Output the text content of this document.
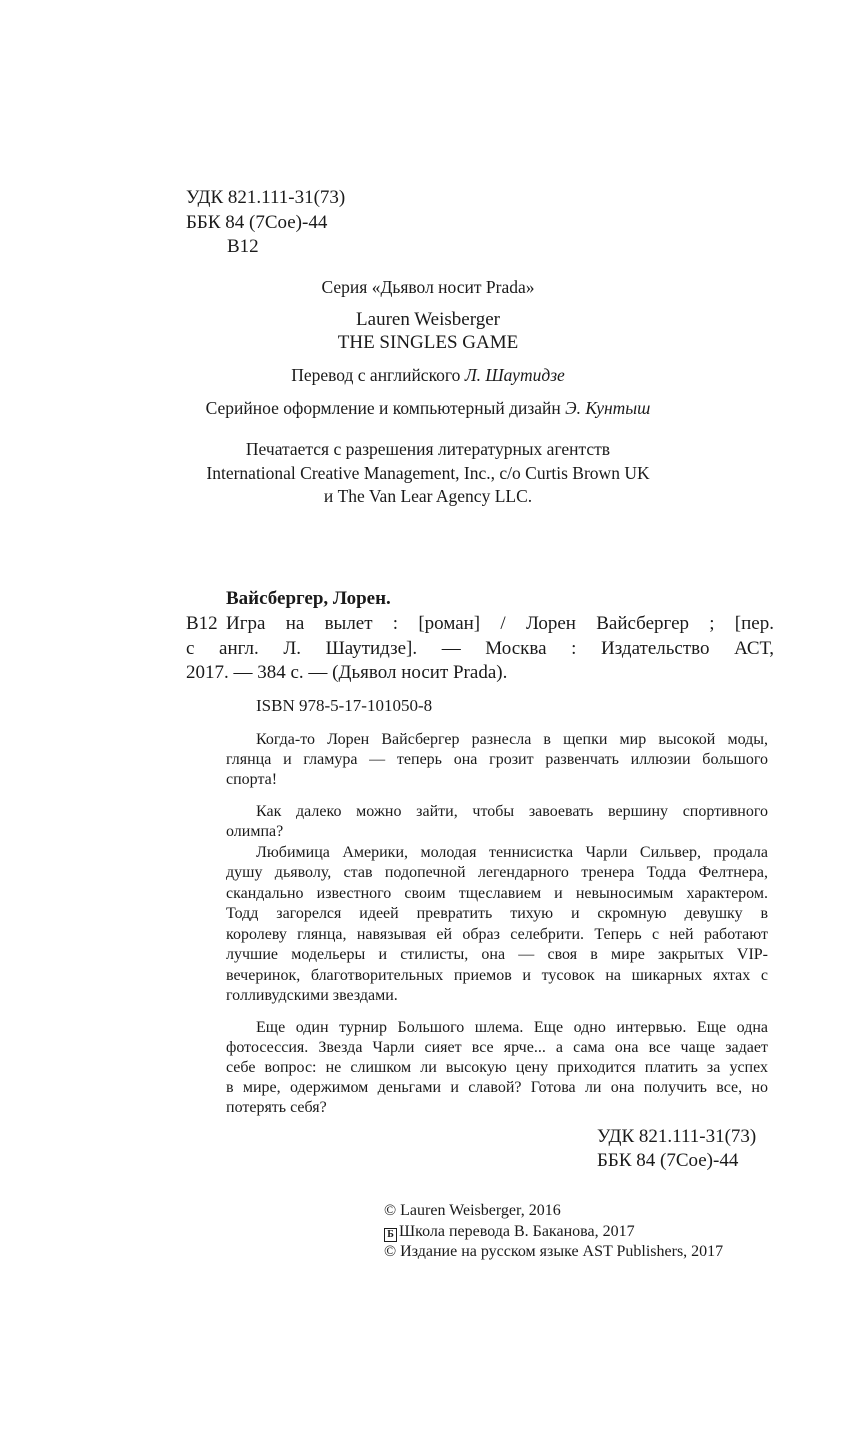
УДК 821.111-31(73)
ББК 84 (7Сое)-44
В12
Серия «Дьявол носит Prada»
Lauren Weisberger
THE SINGLES GAME
Перевод с английского Л. Шаутидзе
Серийное оформление и компьютерный дизайн Э. Кунтыш
Печатается с разрешения литературных агентств
International Creative Management, Inc., c/o Curtis Brown UK
и The Van Lear Agency LLC.
Вайсбергер, Лорен.
В12 Игра на вылет : [роман] / Лорен Вайсбергер ; [пер.
с англ. Л. Шаутидзе]. — Москва : Издательство АСТ,
2017. — 384 с. — (Дьявол носит Prada).
ISBN 978-5-17-101050-8
Когда-то Лорен Вайсбергер разнесла в щепки мир высокой моды,
глянца и гламура — теперь она грозит развенчать иллюзии большого
спорта!
Как далеко можно зайти, чтобы завоевать вершину спортивного
олимпа?
Любимица Америки, молодая теннисистка Чарли Сильвер, продала
душу дьяволу, став подопечной легендарного тренера Тодда Фелтнера,
скандально известного своим тщеславием и невыносимым характером.
Тодд загорелся идеей превратить тихую и скромную девушку в
королеву глянца, навязывая ей образ селебрити. Теперь с ней работают
лучшие модельеры и стилисты, она — своя в мире закрытых VIP-
вечеринок, благотворительных приемов и тусовок на шикарных яхтах с
голливудскими звездами.
Еще один турнир Большого шлема. Еще одно интервью. Еще одна
фотосессия. Звезда Чарли сияет все ярче... а сама она все чаще задает
себе вопрос: не слишком ли высокую цену приходится платить за успех
в мире, одержимом деньгами и славой? Готова ли она получить все, но
потерять себя?
УДК 821.111-31(73)
ББК 84 (7Сое)-44
© Lauren Weisberger, 2016
Б Школа перевода В. Баканова, 2017
© Издание на русском языке AST Publishers, 2017
